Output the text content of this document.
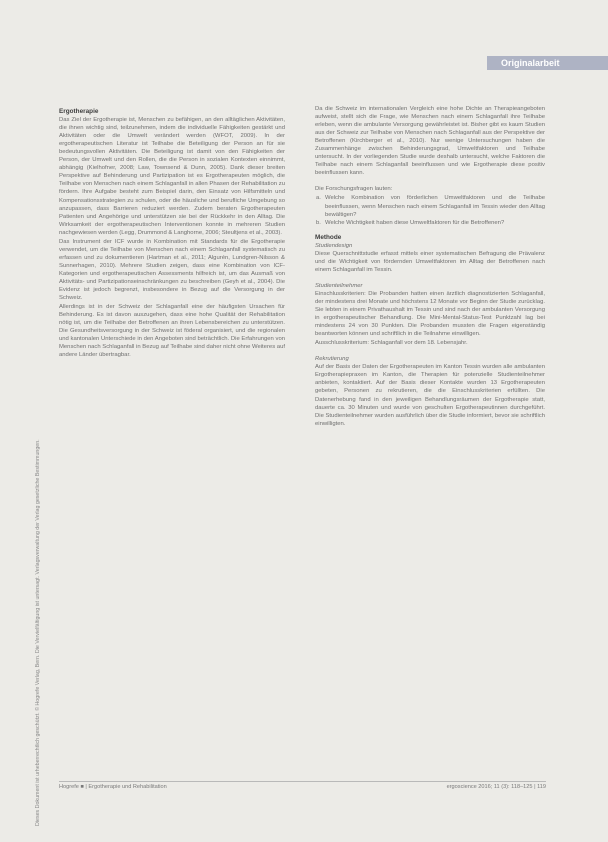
Originalarbeit
Dieses Dokument ist urheberrechtlich geschützt. © Hogrefe Verlag, Bern. Die Vervielfältigung ist untersagt. Verlagsverwaltung der Verlag gesetzliche Bestimmungen.
Ergotherapie

Das Ziel der Ergotherapie ist, Menschen zu befähigen, an den alltäglichen Aktivitäten, die ihnen wichtig sind, teilzunehmen, indem die individuelle Fähigkeiten gestärkt und Aktivitäten oder die Umwelt verändert werden (WFOT, 2009). In der ergotherapeutischen Literatur ist Teilhabe die Beteiligung der Person an für sie bedeutungsvollen Aktivitäten. Die Beteiligung ist damit von den Fähigkeiten der Person, der Umwelt und den Rollen, die die Person in sozialen Kontexten einnimmt, abhängig (Kielhofner, 2008; Law, Townsend & Dunn, 2005). Dank dieser breiten Perspektive auf Behinderung und Partizipation ist es Ergotherapeuten möglich, die Teilhabe von Menschen nach einem Schlaganfall in allen Phasen der Rehabilitation zu fördern. Ihre Aufgabe besteht zum Beispiel darin, den Einsatz von Hilfsmitteln und Kompensationsstrategien zu schulen, oder die häusliche und berufliche Umgebung so anzupassen, dass Barrieren reduziert werden. Zudem beraten Ergotherapeuten Patienten und Angehörige und unterstützen sie bei der Rückkehr in den Alltag. Die Wirksamkeit der ergotherapeutischen Interventionen konnte in mehreren Studien nachgewiesen werden (Legg, Drummond & Langhorne, 2006; Steultjens et al., 2003).

Das Instrument der ICF wurde in Kombination mit Standards für die Ergotherapie verwendet, um die Teilhabe von Menschen nach einem Schlaganfall systematisch zu erfassen und zu dokumentieren (Hartman et al., 2011; Algurén, Lundgren-Nilsson & Sunnerhagen, 2010). Mehrere Studien zeigen, dass eine Kombination von ICF-Kategorien und ergotherapeutischen Assessments hilfreich ist, um das Ausmaß von Aktivitäts- und Partizipationseinschränkungen zu beschreiben (Geyh et al., 2004). Die Evidenz ist jedoch begrenzt, insbesondere in Bezug auf die Versorgung in der Schweiz.

Allerdings ist in der Schweiz der Schlaganfall eine der häufigsten Ursachen für Behinderung. Es ist davon auszugehen, dass eine hohe Qualität der Rehabilitation nötig ist, um die Teilhabe der Betroffenen an ihren Lebensbereichen zu unterstützen. Die Gesundheitsversorgung in der Schweiz ist föderal organisiert, und die regionalen und kantonalen Unterschiede in den Angeboten sind beträchtlich. Die Erfahrungen von Menschen nach Schlaganfall in Bezug auf Teilhabe sind daher nicht ohne Weiteres auf andere Länder übertragbar.

Da die Schweiz im internationalen Vergleich eine hohe Dichte an Therapieangeboten aufweist, stellt sich die Frage, wie Menschen nach einem Schlaganfall ihre Teilhabe erleben, wenn die ambulante Versorgung gewährleistet ist. Bisher gibt es kaum Studien aus der Schweiz zur Teilhabe von Menschen nach Schlaganfall aus der Perspektive der Betroffenen (Kirchberger et al., 2010). Nur wenige Untersuchungen haben die Zusammenhänge zwischen Behinderungsgrad, Umweltfaktoren und Teilhabe untersucht. In der vorliegenden Studie wurde deshalb untersucht, welche Faktoren die Teilhabe nach einem Schlaganfall beeinflussen und wie Ergotherapie diese positiv beeinflussen kann.

Die Forschungsfragen lauten:

a. Welche Kombination von förderlichen Umweltfaktoren und die Teilhabe beeinflussen, wenn Menschen nach einem Schlaganfall im Tessin wieder den Alltag bewältigen?
b. Welche Wichtigkeit haben diese Umweltfaktoren für die Betroffenen?
Methode
Studiendesign

Diese Querschnittstudie erfasst mittels einer systematischen Befragung die Prävalenz und die Wichtigkeit von fördernden Umweltfaktoren im Alltag der Betroffenen nach einem Schlaganfall im Tessin.

Studienteilnehmer

Einschlusskriterien: Die Probanden hatten einen ärztlich diagnostizierten Schlaganfall, der mindestens drei Monate und höchstens 12 Monate vor Beginn der Studie zurücklag. Sie lebten in einem Privathaushalt im Tessin und sind nach der ambulanten Versorgung in ergotherapeutischer Behandlung. Die Mini-Mental-Status-Test Punktzahl lag bei mindestens 24 von 30 Punkten. Die Probanden mussten die Fragen eigenständig beantworten können und schriftlich in die Teilnahme einwilligen.

Ausschlusskriterium: Schlaganfall vor dem 18. Lebensjahr.

Rekrutierung

Auf der Basis der Daten der Ergotherapeuten im Kanton Tessin wurden alle ambulanten Ergotherapiepraxen im Kanton, die Therapien für potenzielle Studienteilnehmer anbieten, kontaktiert. Auf der Basis dieser Kontakte wurden 13 Ergotherapeuten gebeten, Personen zu rekrutieren, die die Einschlusskriterien erfüllten. Die Datenerhebung fand in den jeweiligen Behandlungsräumen der Ergotherapie statt, dauerte ca. 30 Minuten und wurde von geschulten Ergotherapeutinnen durchgeführt. Die Studienteilnehmer wurden ausführlich über die Studie informiert, bevor sie schriftlich einwilligten.

Hogrefe ■ | Ergotherapie und Rehabilitation	ergoscience 2016; 11 (3): 118–125 | 119
